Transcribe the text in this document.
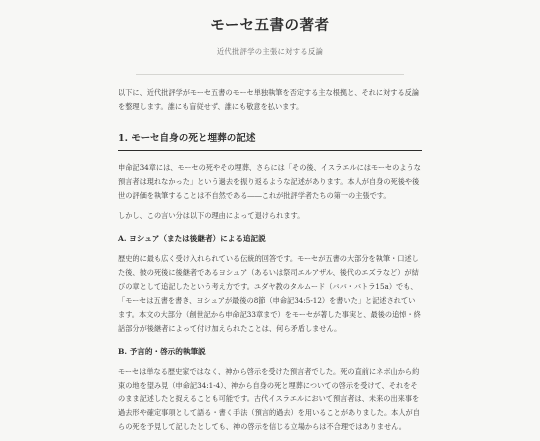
モーセ五書の著者
近代批評学の主張に対する反論

以下に、近代批評学がモーセ五書のモーセ単独執筆を否定する主な根拠と、それに対する反論を整理します。誰にも盲従せず、誰にも敬意を払います。

1. モーセ自身の死と埋葬の記述

申命記34章には、モーセの死やその埋葬、さらには「その後、イスラエルにはモーセのような預言者は現れなかった」という過去を振り返るような記述があります。本人が自身の死後や後世の評価を執筆することは不自然である――これが批評学者たちの第一の主張です。

しかし、この言い分は以下の理由によって退けられます。

A. ヨシュア（または後継者）による追記説

歴史的に最も広く受け入れられている伝統的回答です。モーセが五書の大部分を執筆・口述した後、彼の死後に後継者であるヨシュア（あるいは祭司エルアザル、後代のエズラなど）が結びの章として追記したという考え方です。ユダヤ教のタルムード（ババ・バトラ15a）でも、「モーセは五書を書き、ヨシュアが最後の8節（申命記34:5-12）を書いた」と記述されています。本文の大部分（創世記から申命記33章まで）をモーセが著した事実と、最後の追悼・終話部分が後継者によって付け加えられたことは、何ら矛盾しません。

B. 予言的・啓示的執筆説

モーセは単なる歴史家ではなく、神から啓示を受けた預言者でした。死の直前にネボ山から約束の地を望み見（申命記34:1-4）、神から自身の死と埋葬についての啓示を受けて、それをそのまま記述したと捉えることも可能です。古代イスラエルにおいて預言者は、未来の出来事を過去形や確定事項として語る・書く手法（預言的過去）を用いることがありました。本人が自らの死を予見して記したとしても、神の啓示を信じる立場からは不合理ではありません。
